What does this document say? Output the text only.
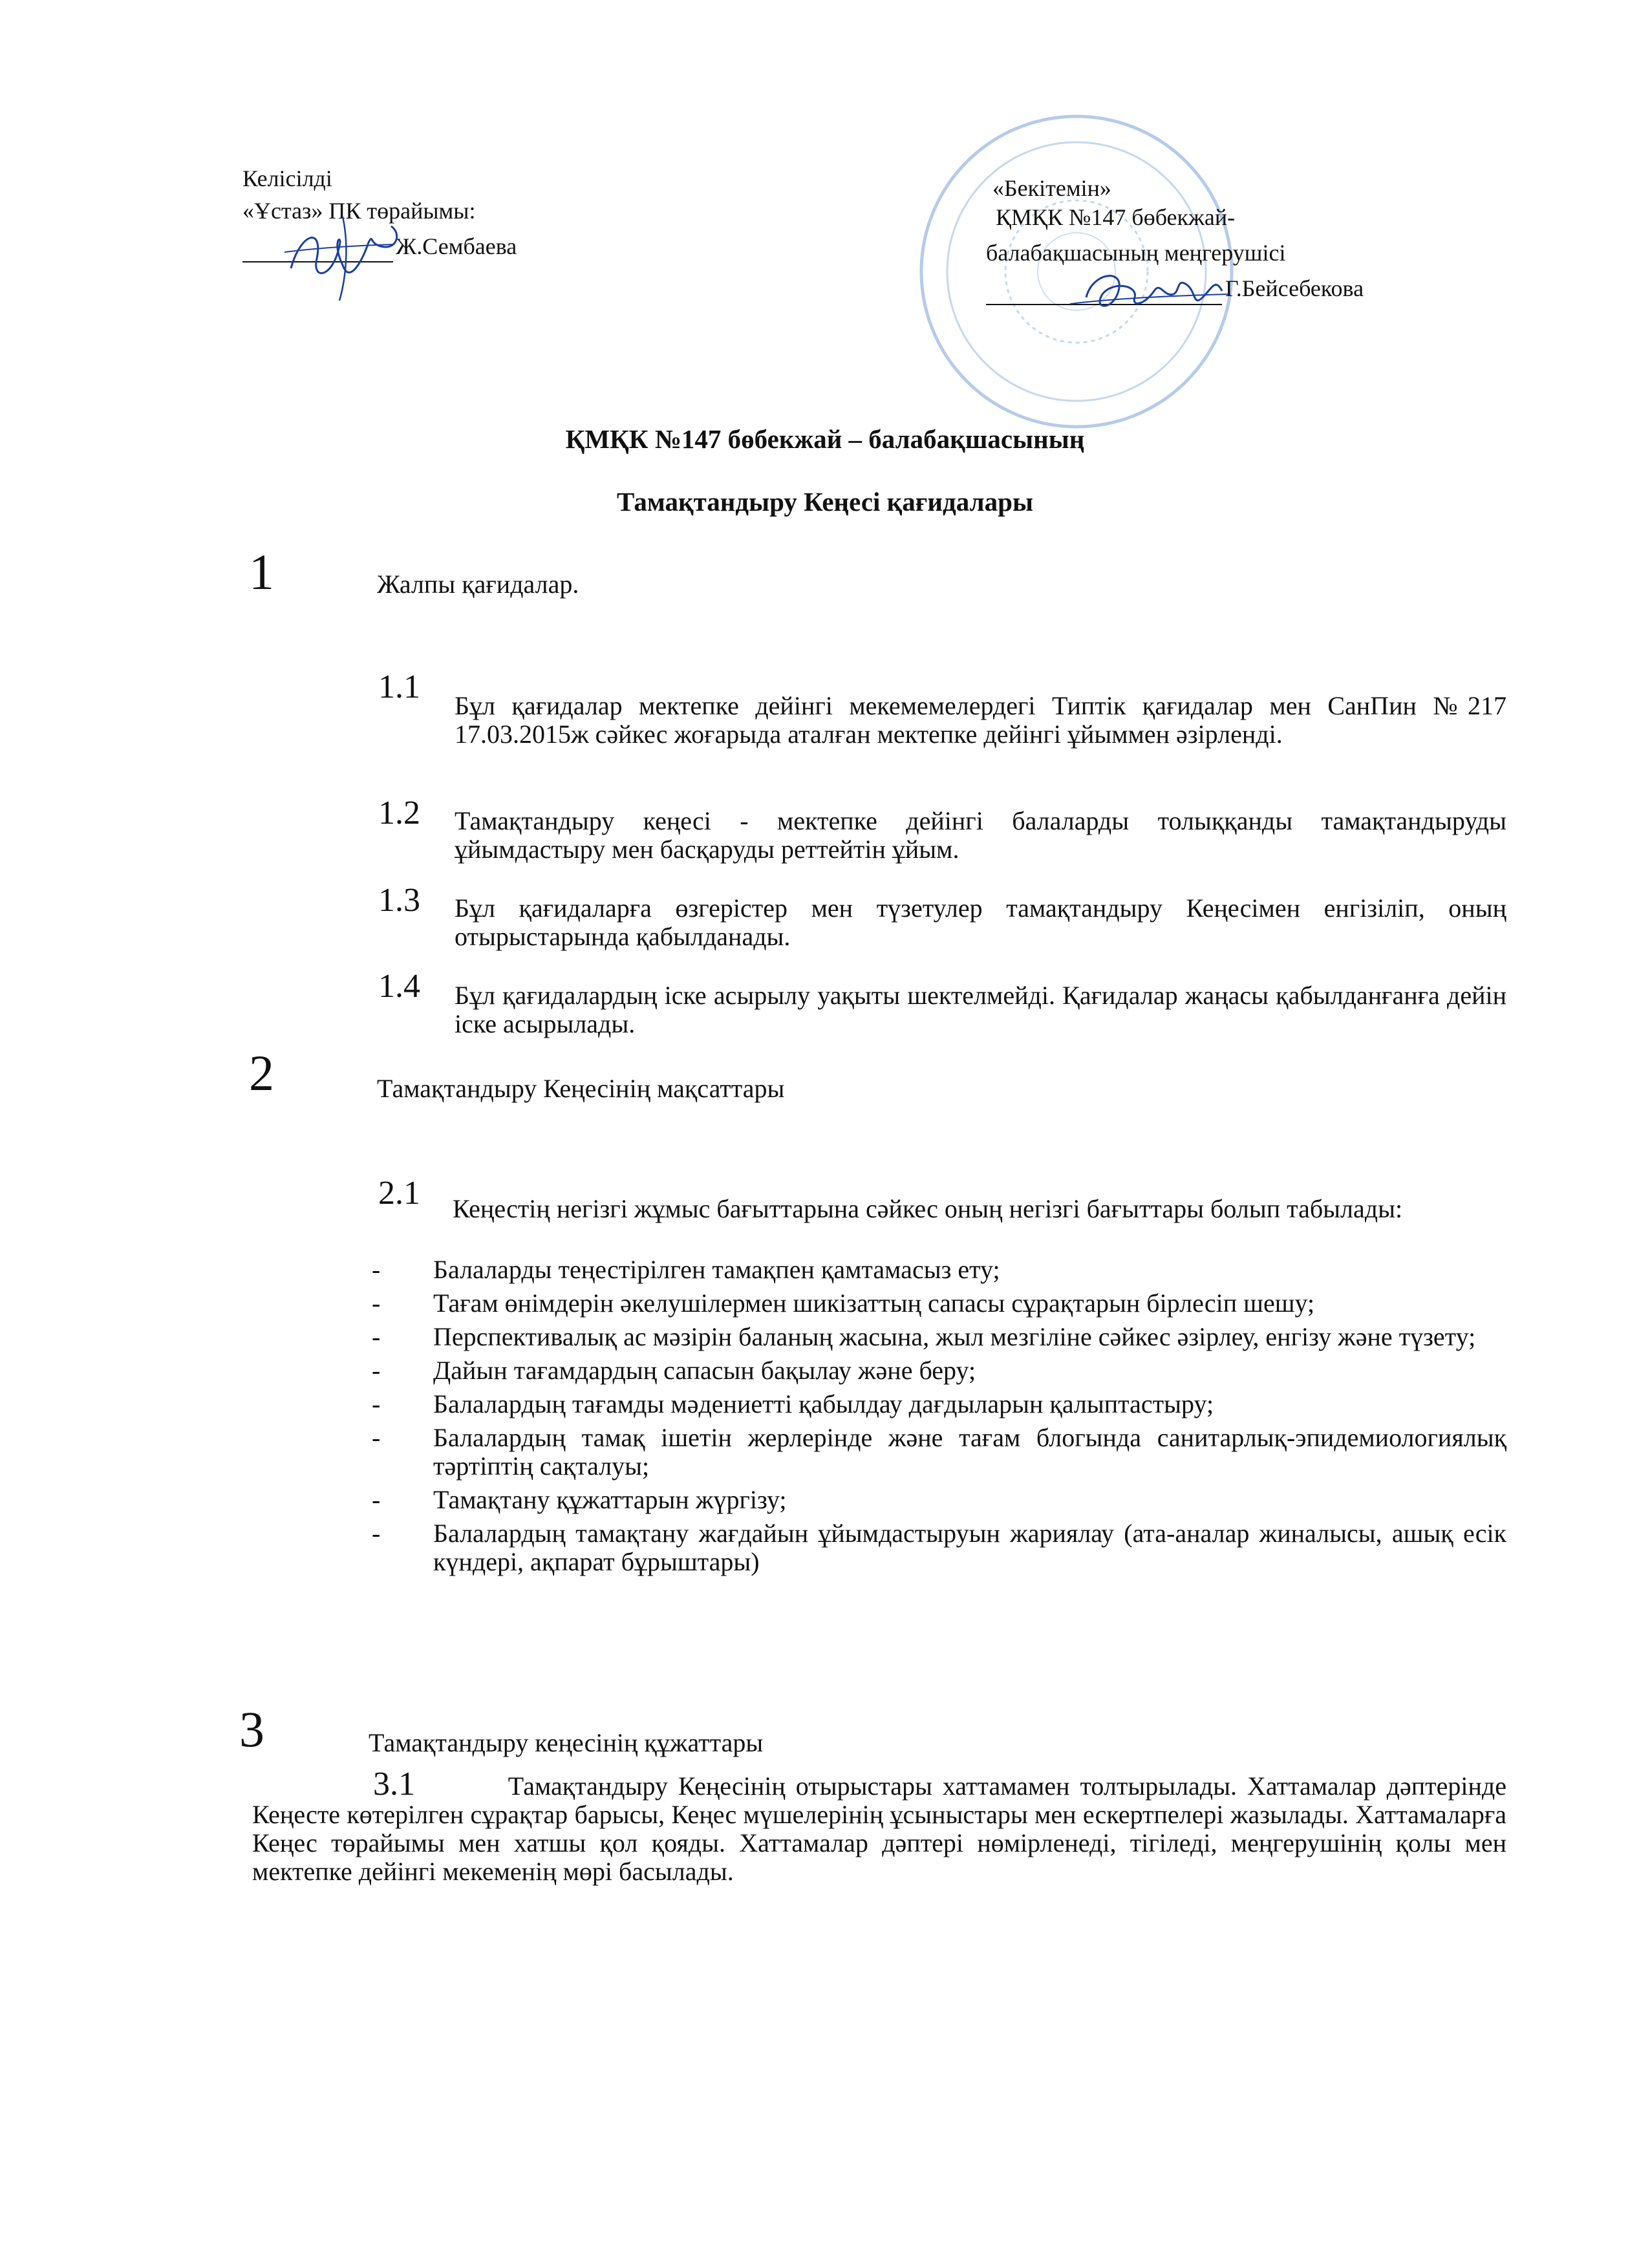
Келісілді
«Ұстаз» ПК төрайымы:
Ж.Сембаева
«Бекітемін»
ҚМҚК №147 бөбекжай-
балабақшасының меңгерушісі
Г.Бейсебекова
ҚМҚК №147 бөбекжай – балабақшасының
Тамақтандыру Кеңесі қағидалары
1	Жалпы қағидалар.
1.1
Бұл қағидалар мектепке дейінгі мекемемелердегі Типтік қағидалар мен СанПин №217 17.03.2015ж сәйкес жоғарыда аталған мектепке дейінгі ұйыммен әзірленді.
1.2 Тамақтандыру кеңесі - мектепке дейінгі балаларды толыққанды тамақтандыруды ұйымдастыру мен басқаруды реттейтін ұйым.
1.3 Бұл қағидаларға өзгерістер мен түзетулер тамақтандыру Кеңесімен енгізіліп, оның отырыстарында қабылданады.
1.4 Бұл қағидалардың іске асырылу уақыты шектелмейді. Қағидалар жаңасы қабылданғанға дейін іске асырылады.
2	Тамақтандыру Кеңесінің мақсаттары
2.1 Кеңестің негізгі жұмыс бағыттарына сәйкес оның негізгі бағыттары болып табылады:
- Балаларды теңестірілген тамақпен қамтамасыз ету;
- Тағам өнімдерін әкелушілермен шикізаттың сапасы сұрақтарын бірлесіп шешу;
- Перспективалық ас мәзірін баланың жасына, жыл мезгіліне сәйкес әзірлеу, енгізу және түзету;
- Дайын тағамдардың сапасын бақылау және беру;
- Балалардың тағамды мәдениетті қабылдау дағдыларын қалыптастыру;
- Балалардың тамақ ішетін жерлерінде және тағам блогында санитарлық-эпидемиологиялық тәртіптің сақталуы;
- Тамақтану құжаттарын жүргізу;
- Балалардың тамақтану жағдайын ұйымдастыруын жариялау (ата-аналар жиналысы, ашық есік күндері, ақпарат бұрыштары)
3	Тамақтандыру кеңесінің құжаттары
3.1	Тамақтандыру Кеңесінің отырыстары хаттамамен толтырылады. Хаттамалар дәптерінде Кеңесте көтерілген сұрақтар барысы, Кеңес мүшелерінің ұсыныстары мен ескертпелері жазылады. Хаттамаларға Кеңес төрайымы мен хатшы қол қояды. Хаттамалар дәптері нөмірленеді, тігіледі, меңгерушінің қолы мен мектепке дейінгі мекеменің мөрі басылады.
